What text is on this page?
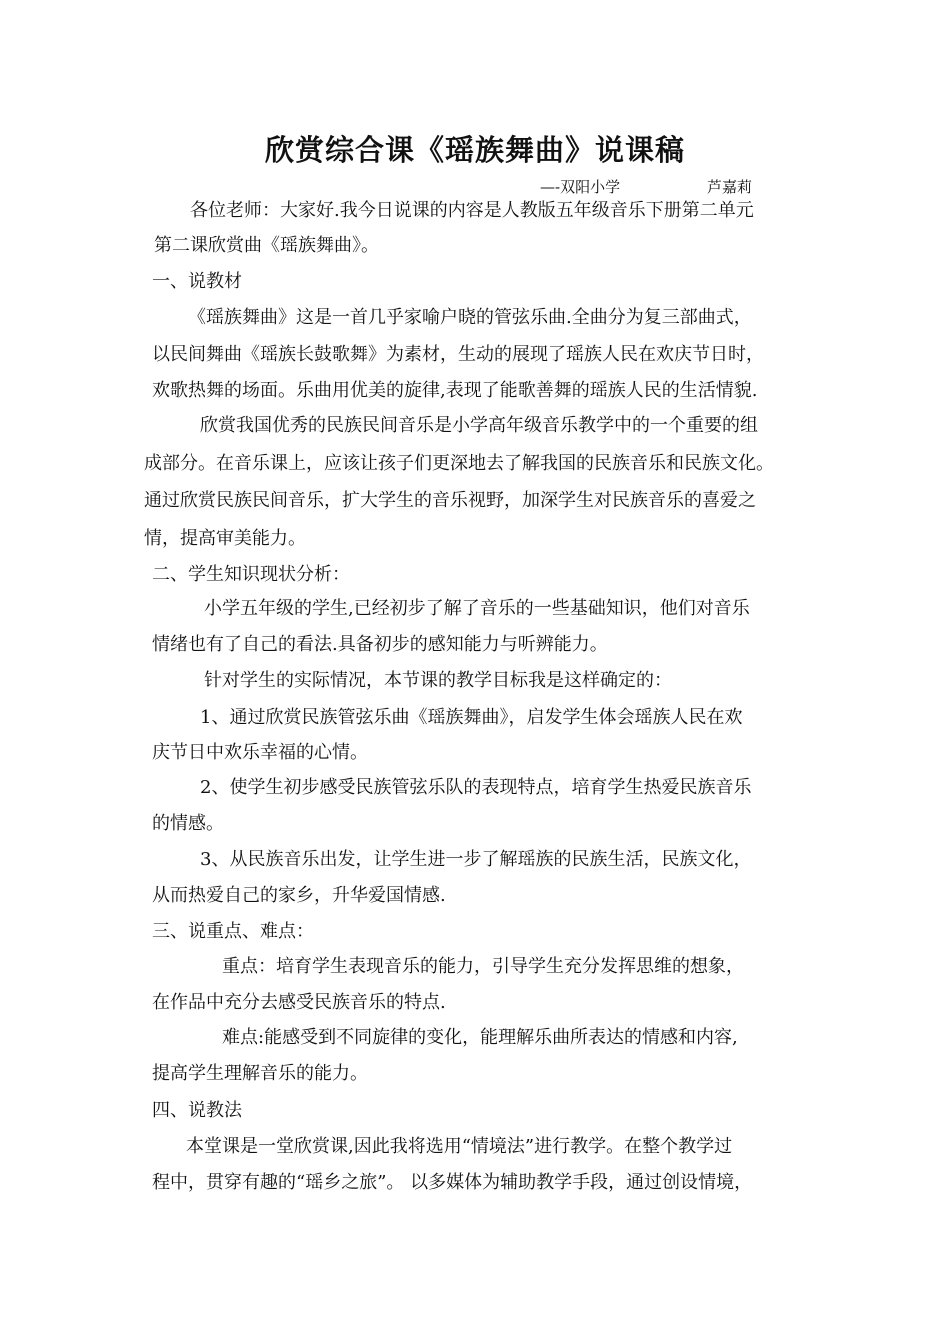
欣赏综合课《瑶族舞曲》说课稿
—-双阳小学	芦嘉莉
各位老师：大家好.我今日说课的内容是人教版五年级音乐下册第二单元
第二课欣赏曲《瑶族舞曲》。
一、说教材
《瑶族舞曲》这是一首几乎家喻户晓的管弦乐曲.全曲分为复三部曲式，
以民间舞曲《瑶族长鼓歌舞》为素材，生动的展现了瑶族人民在欢庆节日时，
欢歌热舞的场面。乐曲用优美的旋律,表现了能歌善舞的瑶族人民的生活情貌.
欣赏我国优秀的民族民间音乐是小学高年级音乐教学中的一个重要的组
成部分。在音乐课上，应该让孩子们更深地去了解我国的民族音乐和民族文化。
通过欣赏民族民间音乐，扩大学生的音乐视野，加深学生对民族音乐的喜爱之
情，提高审美能力。
二、学生知识现状分析：
小学五年级的学生,已经初步了解了音乐的一些基础知识，他们对音乐
情绪也有了自己的看法.具备初步的感知能力与听辨能力。
针对学生的实际情况，本节课的教学目标我是这样确定的：
1、通过欣赏民族管弦乐曲《瑶族舞曲》，启发学生体会瑶族人民在欢
庆节日中欢乐幸福的心情。
2、使学生初步感受民族管弦乐队的表现特点，培育学生热爱民族音乐
的情感。
3、从民族音乐出发，让学生进一步了解瑶族的民族生活，民族文化，
从而热爱自己的家乡，升华爱国情感.
三、说重点、难点：
重点：培育学生表现音乐的能力，引导学生充分发挥思维的想象，
在作品中充分去感受民族音乐的特点.
难点:能感受到不同旋律的变化，能理解乐曲所表达的情感和内容,
提高学生理解音乐的能力。
四、说教法
本堂课是一堂欣赏课,因此我将选用“情境法”进行教学。在整个教学过
程中，贯穿有趣的“瑶乡之旅”。 以多媒体为辅助教学手段，通过创设情境，
